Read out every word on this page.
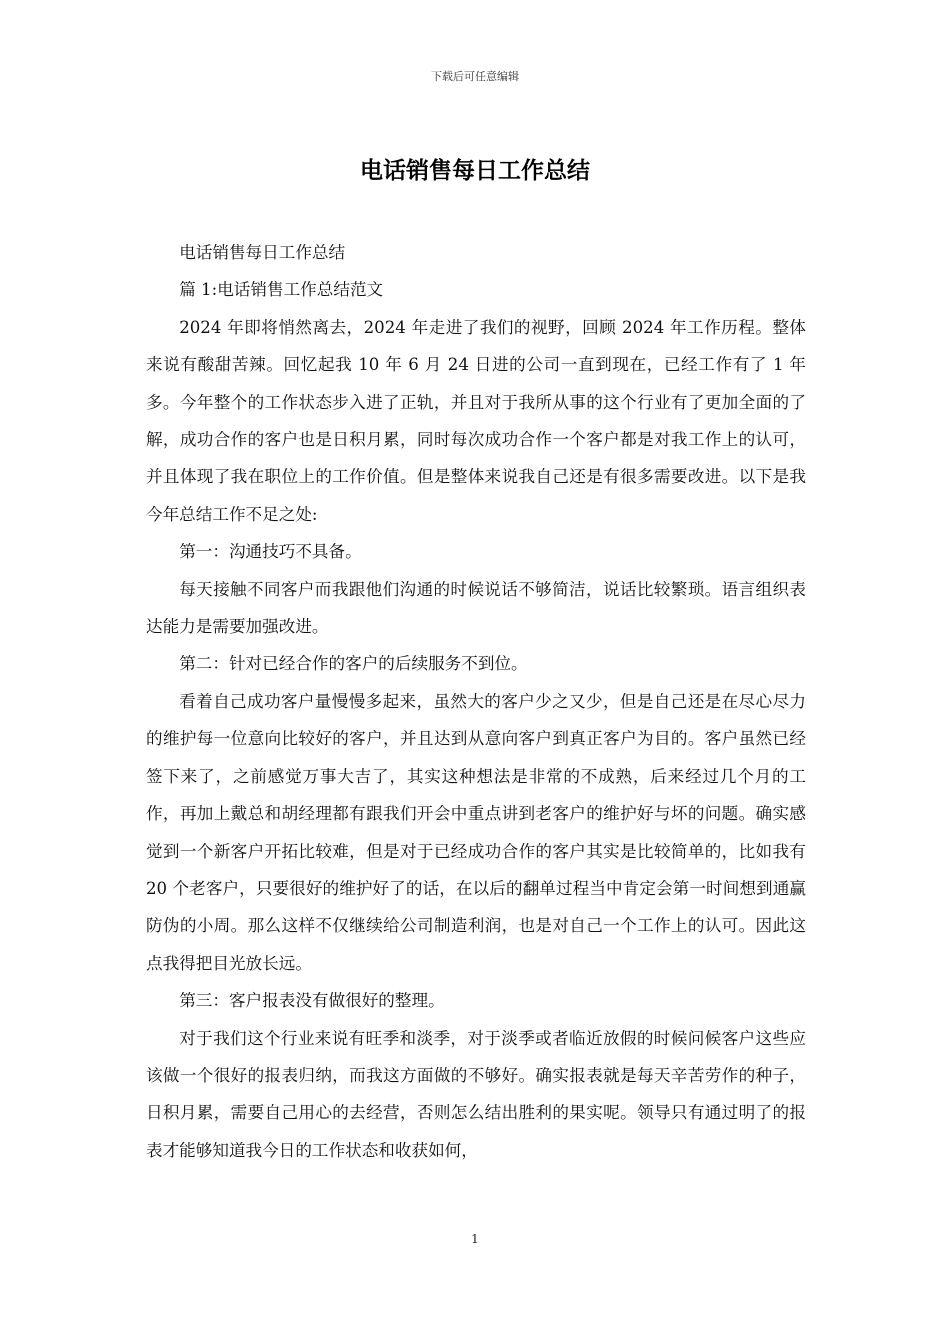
下载后可任意编辑
电话销售每日工作总结

电话销售每日工作总结

篇 1:电话销售工作总结范文

2024 年即将悄然离去，2024 年走进了我们的视野，回顾 2024 年工作历程。整体来说有酸甜苦辣。回忆起我 10 年 6 月 24 日进的公司一直到现在，已经工作有了 1 年多。今年整个的工作状态步入进了正轨，并且对于我所从事的这个行业有了更加全面的了解，成功合作的客户也是日积月累，同时每次成功合作一个客户都是对我工作上的认可，并且体现了我在职位上的工作价值。但是整体来说我自己还是有很多需要改进。以下是我今年总结工作不足之处:

第一：沟通技巧不具备。

每天接触不同客户而我跟他们沟通的时候说话不够简洁，说话比较繁琐。语言组织表达能力是需要加强改进。

第二：针对已经合作的客户的后续服务不到位。

看着自己成功客户量慢慢多起来，虽然大的客户少之又少，但是自己还是在尽心尽力的维护每一位意向比较好的客户，并且达到从意向客户到真正客户为目的。客户虽然已经签下来了，之前感觉万事大吉了，其实这种想法是非常的不成熟，后来经过几个月的工作，再加上戴总和胡经理都有跟我们开会中重点讲到老客户的维护好与坏的问题。确实感觉到一个新客户开拓比较难，但是对于已经成功合作的客户其实是比较简单的，比如我有 20 个老客户，只要很好的维护好了的话，在以后的翻单过程当中肯定会第一时间想到通赢防伪的小周。那么这样不仅继续给公司制造利润，也是对自己一个工作上的认可。因此这点我得把目光放长远。

第三：客户报表没有做很好的整理。

对于我们这个行业来说有旺季和淡季，对于淡季或者临近放假的时候问候客户这些应该做一个很好的报表归纳，而我这方面做的不够好。确实报表就是每天辛苦劳作的种子，日积月累，需要自己用心的去经营，否则怎么结出胜利的果实呢。领导只有通过明了的报表才能够知道我今日的工作状态和收获如何，

1
